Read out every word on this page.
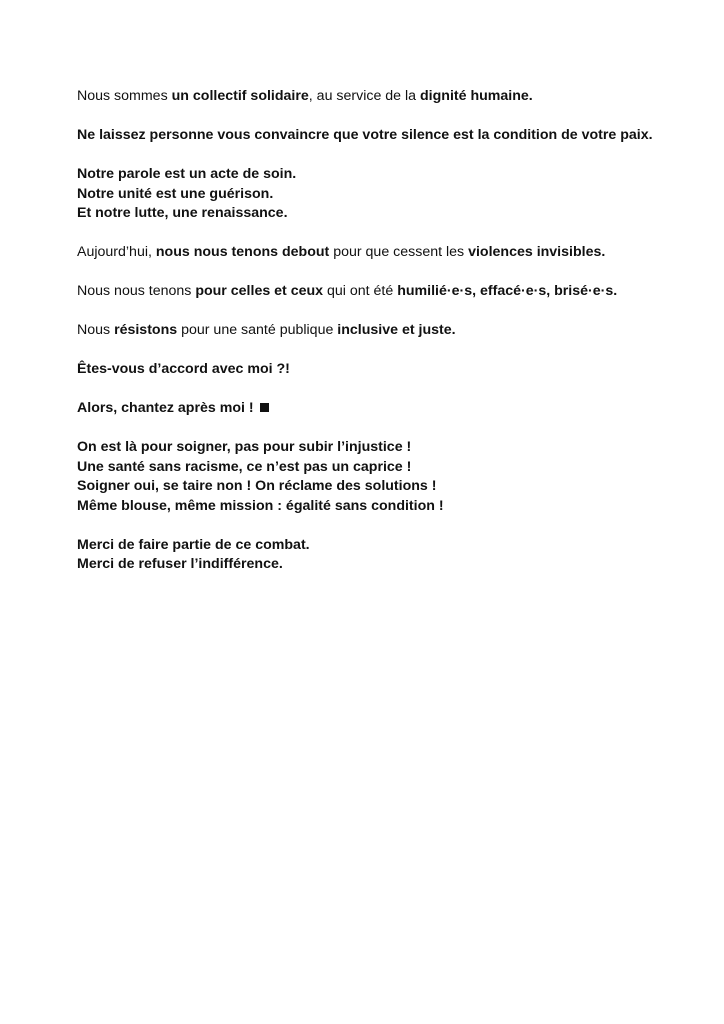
Nous sommes un collectif solidaire, au service de la dignité humaine.

Ne laissez personne vous convaincre que votre silence est la condition de votre paix.

Notre parole est un acte de soin.
Notre unité est une guérison.
Et notre lutte, une renaissance.

Aujourd’hui, nous nous tenons debout pour que cessent les violences invisibles.

Nous nous tenons pour celles et ceux qui ont été humilié·e·s, effacé·e·s, brisé·e·s.

Nous résistons pour une santé publique inclusive et juste.

Êtes-vous d’accord avec moi ?!

Alors, chantez après moi !

On est là pour soigner, pas pour subir l’injustice !
Une santé sans racisme, ce n’est pas un caprice !
Soigner oui, se taire non ! On réclame des solutions !
Même blouse, même mission : égalité sans condition !

Merci de faire partie de ce combat.
Merci de refuser l’indifférence.
